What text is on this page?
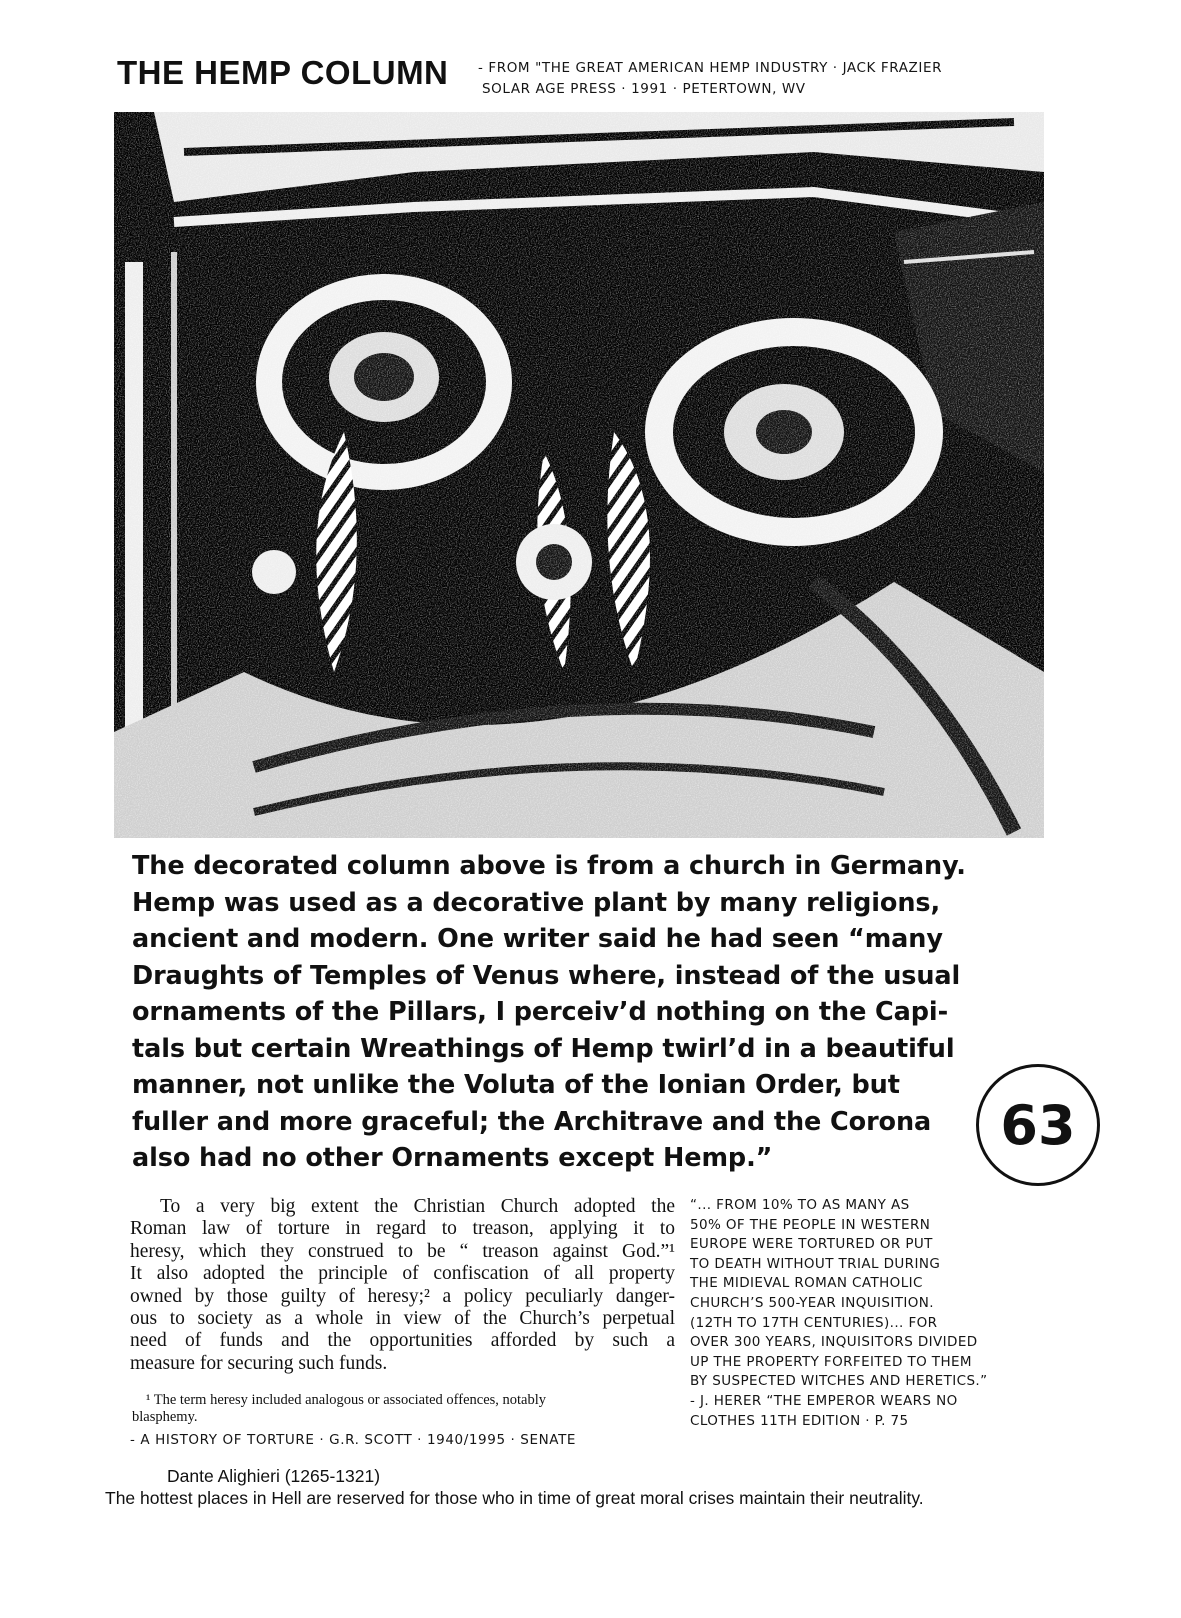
THE HEMP COLUMN - FROM "THE GREAT AMERICAN HEMP INDUSTRY · JACK FRAZIER
SOLAR AGE PRESS · 1991 · PETERTOWN, WV
The decorated column above is from a church in Germany.
Hemp was used as a decorative plant by many religions,
ancient and modern. One writer said he had seen “many
Draughts of Temples of Venus where, instead of the usual
ornaments of the Pillars, I perceiv’d nothing on the Capi-
tals but certain Wreathings of Hemp twirl’d in a beautiful
manner, not unlike the Voluta of the Ionian Order, but
fuller and more graceful; the Architrave and the Corona
also had no other Ornaments except Hemp.”
63
To a very big extent the Christian Church adopted the
Roman law of torture in regard to treason, applying it to
heresy, which they construed to be “ treason against God.”¹
It also adopted the principle of confiscation of all property
owned by those guilty of heresy;² a policy peculiarly danger-
ous to society as a whole in view of the Church’s perpetual
need of funds and the opportunities afforded by such a
measure for securing such funds.
¹ The term heresy included analogous or associated offences, notably
blasphemy.
- A HISTORY OF TORTURE · G.R. SCOTT · 1940/1995 · SENATE
“... FROM 10% TO AS MANY AS
50% OF THE PEOPLE IN WESTERN
EUROPE WERE TORTURED OR PUT
TO DEATH WITHOUT TRIAL DURING
THE MIDIEVAL ROMAN CATHOLIC
CHURCH’S 500-YEAR INQUISITION.
(12TH TO 17TH CENTURIES)... FOR
OVER 300 YEARS, INQUISITORS DIVIDED
UP THE PROPERTY FORFEITED TO THEM
BY SUSPECTED WITCHES AND HERETICS.”
- J. HERER “THE EMPEROR WEARS NO
CLOTHES 11TH EDITION · P. 75
Dante Alighieri (1265-1321)
The hottest places in Hell are reserved for those who in time of great moral crises maintain their neutrality.
